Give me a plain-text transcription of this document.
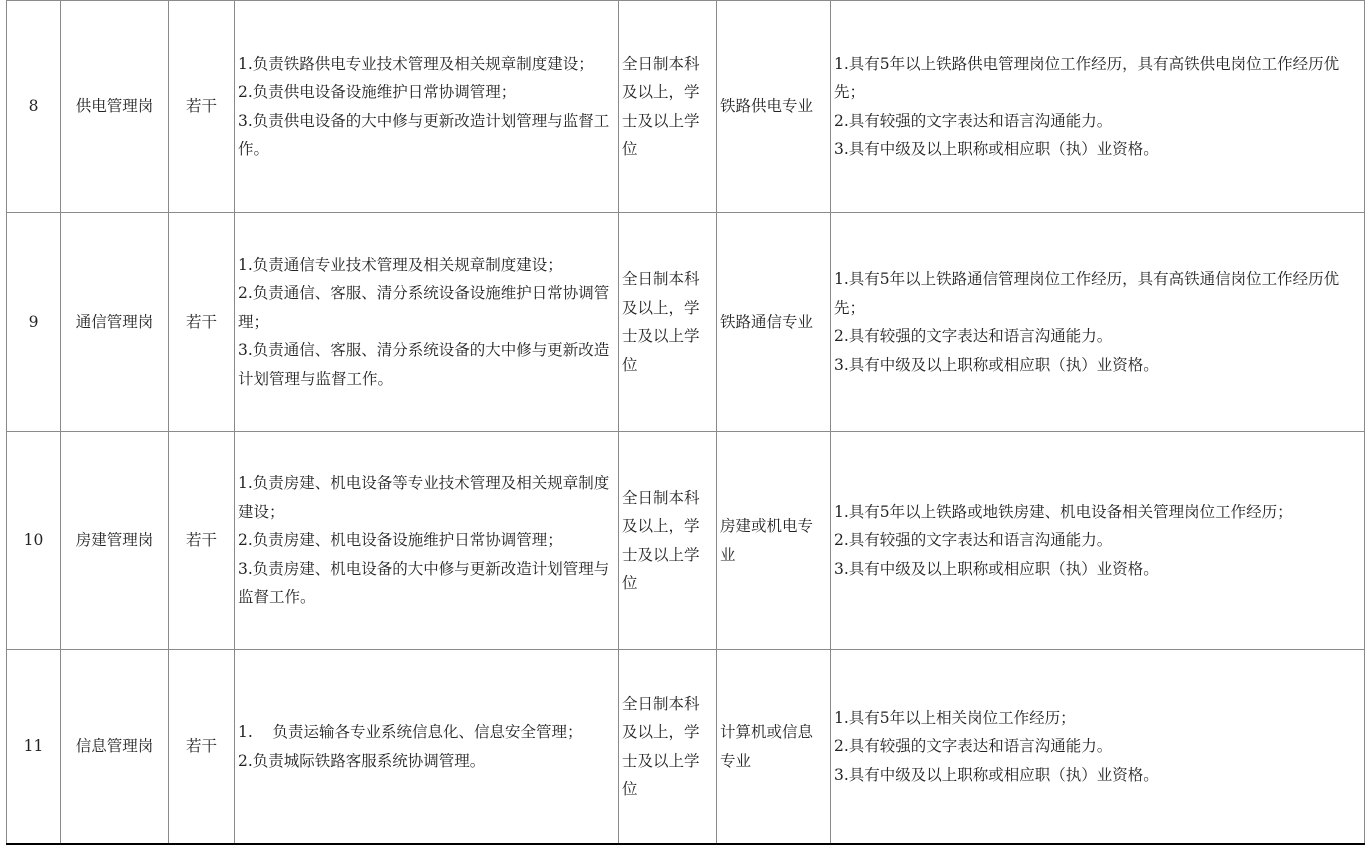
8	供电管理岗	若干	1.负责铁路供电专业技术管理及相关规章制度建设；
2.负责供电设备设施维护日常协调管理；
3.负责供电设备的大中修与更新改造计划管理与监督工作。	全日制本科及以上，学士及以上学位	铁路供电专业	1.具有5年以上铁路供电管理岗位工作经历，具有高铁供电岗位工作经历优先；
2.具有较强的文字表达和语言沟通能力。
3.具有中级及以上职称或相应职（执）业资格。

9	通信管理岗	若干	1.负责通信专业技术管理及相关规章制度建设；
2.负责通信、客服、清分系统设备设施维护日常协调管理；
3.负责通信、客服、清分系统设备的大中修与更新改造计划管理与监督工作。	全日制本科及以上，学士及以上学位	铁路通信专业	1.具有5年以上铁路通信管理岗位工作经历，具有高铁通信岗位工作经历优先；
2.具有较强的文字表达和语言沟通能力。
3.具有中级及以上职称或相应职（执）业资格。

10	房建管理岗	若干	1.负责房建、机电设备等专业技术管理及相关规章制度建设；
2.负责房建、机电设备设施维护日常协调管理；
3.负责房建、机电设备的大中修与更新改造计划管理与监督工作。	全日制本科及以上，学士及以上学位	房建或机电专业	1.具有5年以上铁路或地铁房建、机电设备相关管理岗位工作经历；
2.具有较强的文字表达和语言沟通能力。
3.具有中级及以上职称或相应职（执）业资格。

11	信息管理岗	若干	1.    负责运输各专业系统信息化、信息安全管理；
2.负责城际铁路客服系统协调管理。	全日制本科及以上，学士及以上学位	计算机或信息专业	1.具有5年以上相关岗位工作经历；
2.具有较强的文字表达和语言沟通能力。
3.具有中级及以上职称或相应职（执）业资格。
